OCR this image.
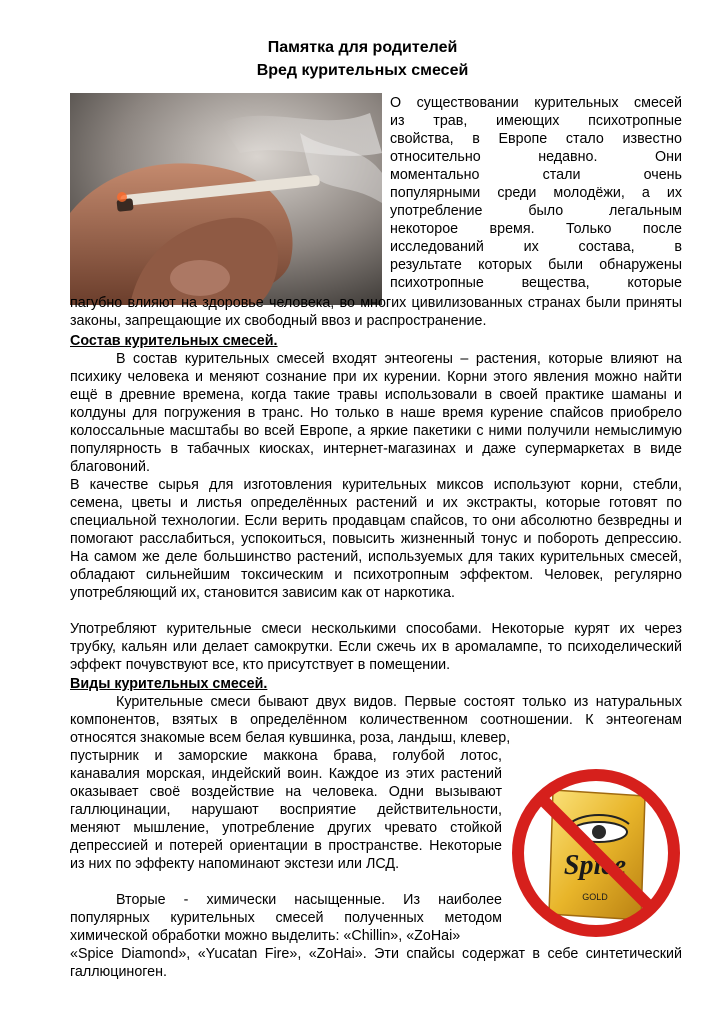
Памятка для родителей
Вред курительных смесей
О существовании курительных смесей
из трав, имеющих психотропные
свойства, в Европе стало известно
относительно недавно. Они
моментально стали очень
популярными среди молодёжи, а их
употребление было легальным
некоторое время. Только после
исследований их состава, в
результате которых были обнаружены
психотропные вещества, которые

пагубно влияют на здоровье человека, во многих цивилизованных странах были приняты законы, запрещающие их свободный ввоз и распространение.

Состав курительных смесей.

В состав курительных смесей входят энтеогены – растения, которые влияют на психику человека и меняют сознание при их курении. Корни этого явления можно найти ещё в древние времена, когда такие травы использовали в своей практике шаманы и колдуны для погружения в транс. Но только в наше время курение спайсов приобрело колоссальные масштабы во всей Европе, а яркие пакетики с ними получили немыслимую популярность в табачных киосках, интернет-магазинах и даже супермаркетах в виде благовоний.

В качестве сырья для изготовления курительных миксов используют корни, стебли, семена, цветы и листья определённых растений и их экстракты, которые готовят по специальной технологии. Если верить продавцам спайсов, то они абсолютно безвредны и помогают расслабиться, успокоиться, повысить жизненный тонус и побороть депрессию. На самом же деле большинство растений, используемых для таких курительных смесей, обладают сильнейшим токсическим и психотропным эффектом. Человек, регулярно употребляющий их, становится зависим как от наркотика.

Употребляют курительные смеси несколькими способами. Некоторые курят их через трубку, кальян или делает самокрутки. Если сжечь их в аромалампе, то психоделический эффект почувствуют все, кто присутствует в помещении.

Виды курительных смесей.

Курительные смеси бывают двух видов. Первые состоят только из натуральных компонентов, взятых в определённом количественном соотношении. К энтеогенам относятся знакомые всем белая кувшинка, роза, ландыш, клевер,

пустырник и заморские маккона брава, голубой лотос, канавалия морская, индейский воин. Каждое из этих растений оказывает своё воздействие на человека. Одни вызывают галлюцинации, нарушают восприятие действительности, меняют мышление, употребление других чревато стойкой депрессией и потерей ориентации в пространстве. Некоторые из них по эффекту напоминают экстези или ЛСД.

Вторые - химически насыщенные. Из наиболее популярных курительных смесей полученных методом химической обработки можно выделить: «Chillin», «ZoHai»

«Spice Diamond», «Yucatan Fire», «ZoHai». Эти спайсы содержат в себе синтетический галлюциноген.

Spice
GOLD
